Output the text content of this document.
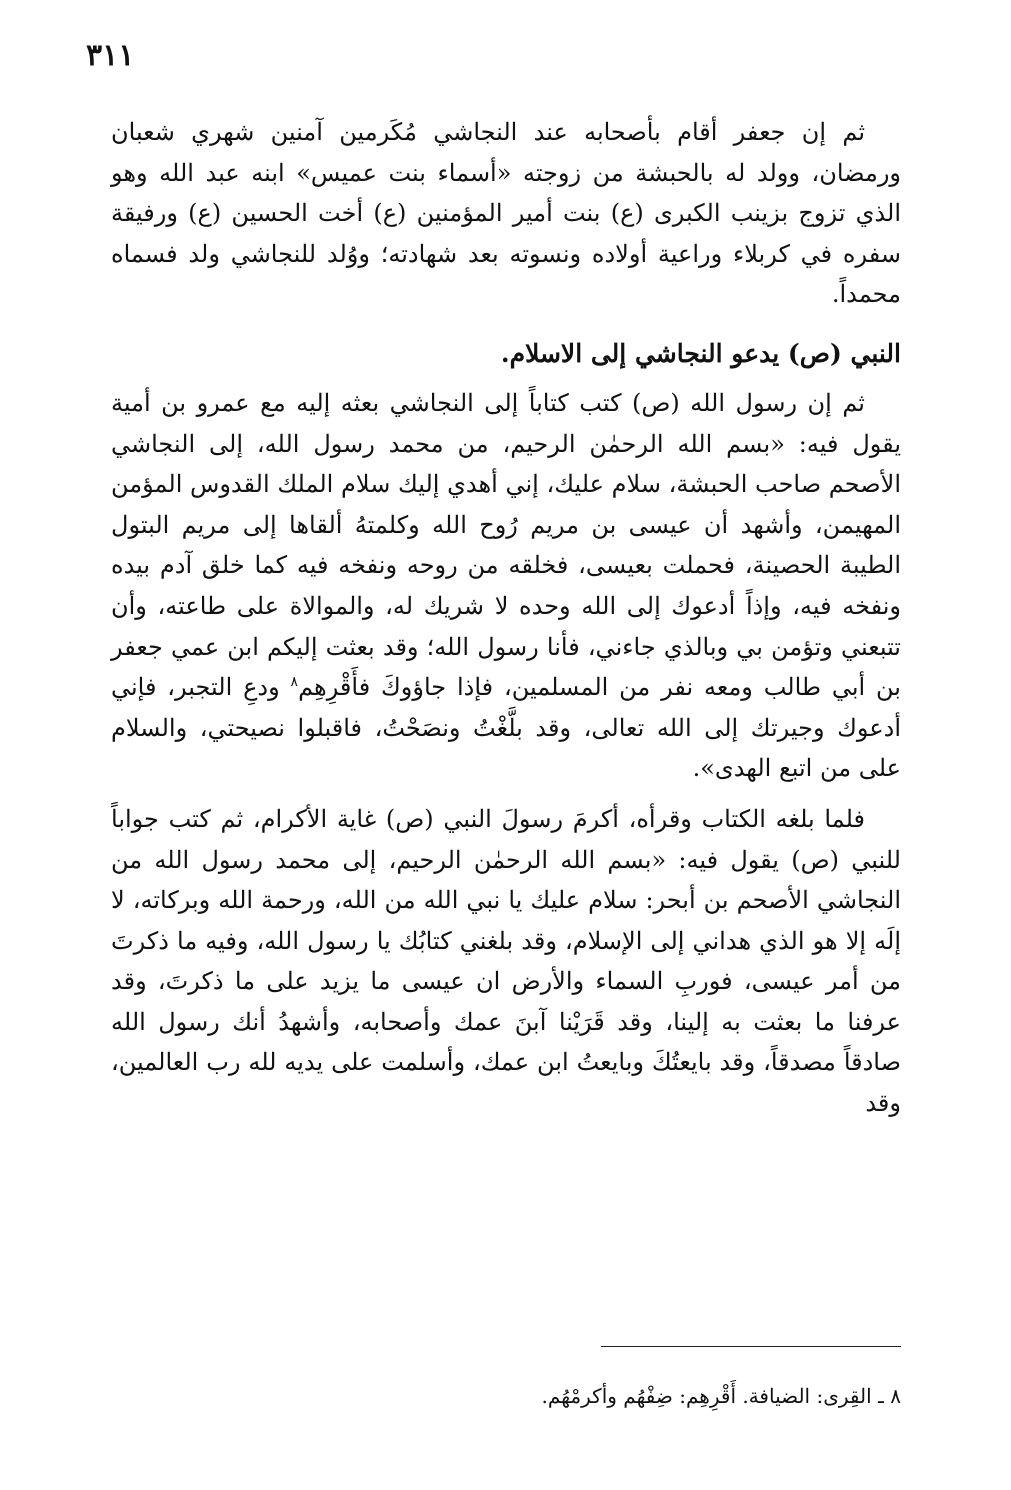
٣١١

ثم إن جعفر أقام بأصحابه عند النجاشي مُكَرمين آمنين شهري شعبان ورمضان، وولد له بالحبشة من زوجته «أسماء بنت عميس» ابنه عبد الله وهو الذي تزوج بزينب الكبرى (ع) بنت أمير المؤمنين (ع) أخت الحسين (ع) ورفيقة سفره في كربلاء وراعية أولاده ونسوته بعد شهادته؛ ووُلد للنجاشي ولد فسماه محمداً.

النبي (ص) يدعو النجاشي إلى الاسلام.

ثم إن رسول الله (ص) كتب كتاباً إلى النجاشي بعثه إليه مع عمرو بن أمية يقول فيه: «بسم الله الرحمٰن الرحيم، من محمد رسول الله، إلى النجاشي الأصحم صاحب الحبشة، سلام عليك، إني أهدي إليك سلام الملك القدوس المؤمن المهيمن، وأشهد أن عيسى بن مريم رُوح الله وكلمتهُ ألقاها إلى مريم البتول الطيبة الحصينة، فحملت بعيسى، فخلقه من روحه ونفخه فيه كما خلق آدم بيده ونفخه فيه، وإذاً أدعوك إلى الله وحده لا شريك له، والموالاة على طاعته، وأن تتبعني وتؤمن بي وبالذي جاءني، فأنا رسول الله؛ وقد بعثت إليكم ابن عمي جعفر بن أبي طالب ومعه نفر من المسلمين، فإذا جاؤوكَ فأَقْرِهِم$^٨$ ودعِ التجبر، فإني أدعوك وجيرتك إلى الله تعالى، وقد بلَّغْتُ ونصَحْتُ، فاقبلوا نصيحتي، والسلام على من اتبع الهدى».

فلما بلغه الكتاب وقرأه، أكرمَ رسولَ النبي (ص) غاية الأكرام، ثم كتب جواباً للنبي (ص) يقول فيه: «بسم الله الرحمٰن الرحيم، إلى محمد رسول الله من النجاشي الأصحم بن أبحر: سلام عليك يا نبي الله من الله، ورحمة الله وبركاته، لا إلَه إلا هو الذي هداني إلى الإسلام، وقد بلغني كتابُك يا رسول الله، وفيه ما ذكرتَ من أمر عيسى، فوربِ السماء والأرض ان عيسى ما يزيد على ما ذكرتَ، وقد عرفنا ما بعثت به إلينا، وقد قَرَيْنا آبنَ عمك وأصحابه، وأشهدُ أنك رسول الله صادقاً مصدقاً، وقد بايعتُكَ وبايعتُ ابن عمك، وأسلمت على يديه لله رب العالمين، وقد

٨ ـ القِرى: الضيافة. أَقْرِهِم: ضِفْهُم وأكرمْهُم.
